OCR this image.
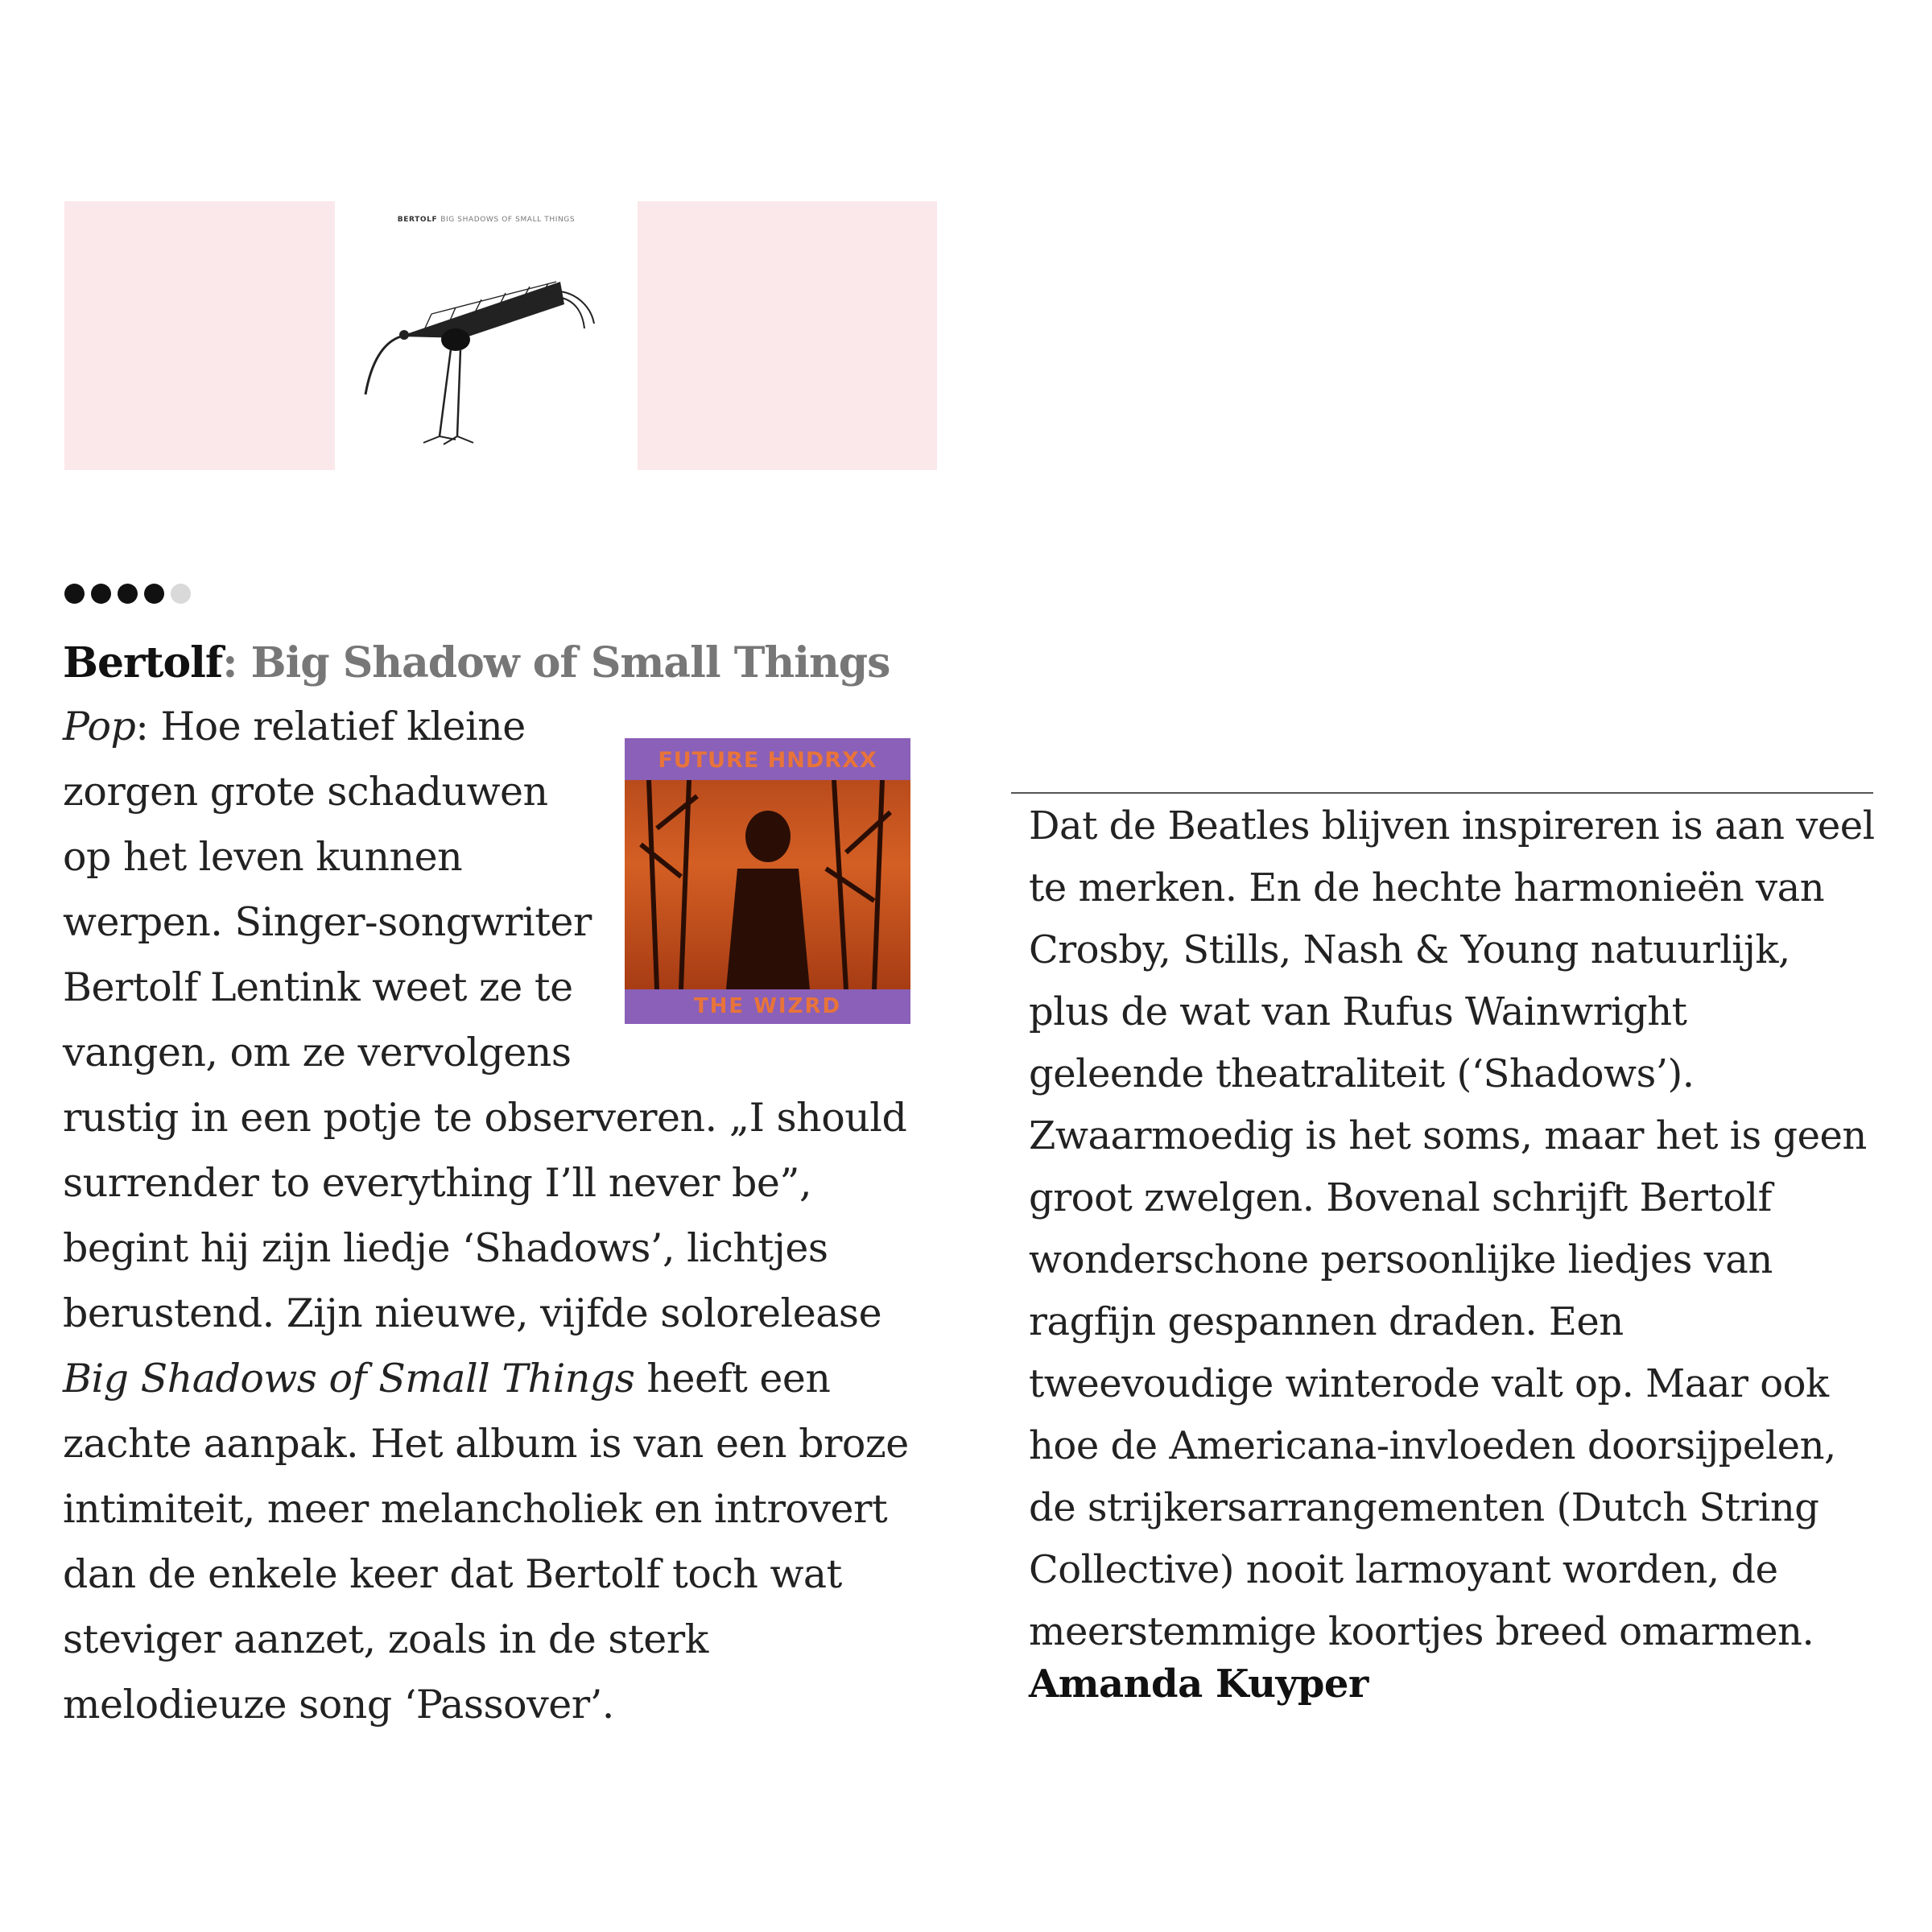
BERTOLF BIG SHADOWS OF SMALL THINGS
Bertolf: Big Shadow of Small Things
Pop: Hoe relatief kleine
zorgen grote schaduwen
op het leven kunnen
werpen. Singer-songwriter
Bertolf Lentink weet ze te
vangen, om ze vervolgens
rustig in een potje te observeren. „I should
surrender to everything I’ll never be”,
begint hij zijn liedje ‘Shadows’, lichtjes
berustend. Zijn nieuwe, vijfde solorelease
Big Shadows of Small Things heeft een
zachte aanpak. Het album is van een broze
intimiteit, meer melancholiek en introvert
dan de enkele keer dat Bertolf toch wat
steviger aanzet, zoals in de sterk
melodieuze song ‘Passover’.
FUTURE HNDRXX
THE WIZRD
Dat de Beatles blijven inspireren is aan veel
te merken. En de hechte harmonieën van
Crosby, Stills, Nash & Young natuurlijk,
plus de wat van Rufus Wainwright
geleende theatraliteit (‘Shadows’).
Zwaarmoedig is het soms, maar het is geen
groot zwelgen. Bovenal schrijft Bertolf
wonderschone persoonlijke liedjes van
ragfijn gespannen draden. Een
tweevoudige winterode valt op. Maar ook
hoe de Americana-invloeden doorsijpelen,
de strijkersarrangementen (Dutch String
Collective) nooit larmoyant worden, de
meerstemmige koortjes breed omarmen.
Amanda Kuyper
